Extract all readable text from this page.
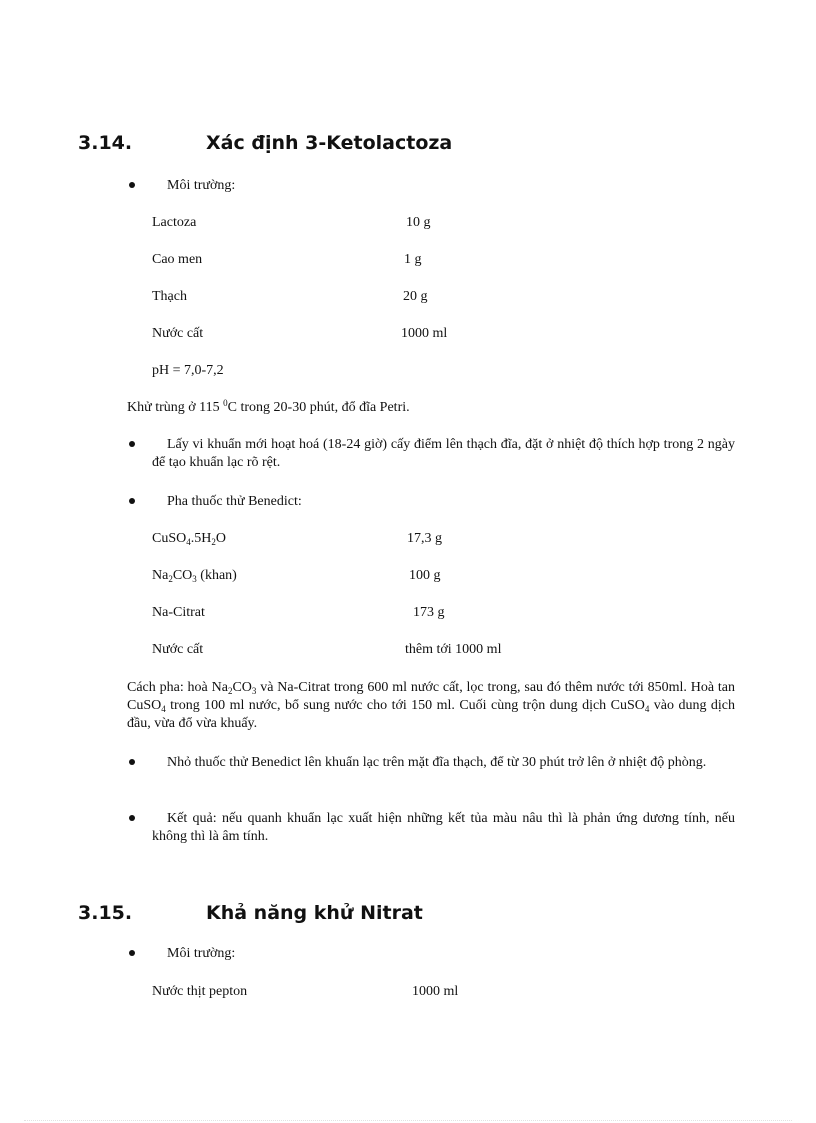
3.14.	Xác định 3-Ketolactoza
Môi trường:
Lactoza	10 g
Cao men	1 g
Thạch	20 g
Nước cất	1000 ml
pH = 7,0-7,2
Khử trùng ở 115 $^0$C trong 20-30 phút, đổ đĩa Petri.
Lấy vi khuẩn mới hoạt hoá (18-24 giờ) cấy điểm lên thạch đĩa, đặt ở nhiệt độ thích hợp trong 2 ngày để tạo khuẩn lạc rõ rệt.
Pha thuốc thử Benedict:
$CuSO_4.5H_2O$	17,3 g
$Na_2CO_3$ (khan)	100 g
Na-Citrat	173 g
Nước cất	thêm tới 1000 ml
Cách pha: hoà $Na_2CO_3$ và Na-Citrat trong 600 ml nước cất, lọc trong, sau đó thêm nước tới 850ml. Hoà tan CuSO$_4$ trong 100 ml nước, bổ sung nước cho tới 150 ml. Cuối cùng trộn dung dịch CuSO$_4$ vào dung dịch đầu, vừa đổ vừa khuấy.
Nhỏ thuốc thử Benedict lên khuẩn lạc trên mặt đĩa thạch, để từ 30 phút trở lên ở nhiệt độ phòng.
Kết quả: nếu quanh khuẩn lạc xuất hiện những kết tủa màu nâu thì là phản ứng dương tính, nếu không thì là âm tính.
3.15.	Khả năng khử Nitrat
Môi trường:
Nước thịt pepton	1000 ml
